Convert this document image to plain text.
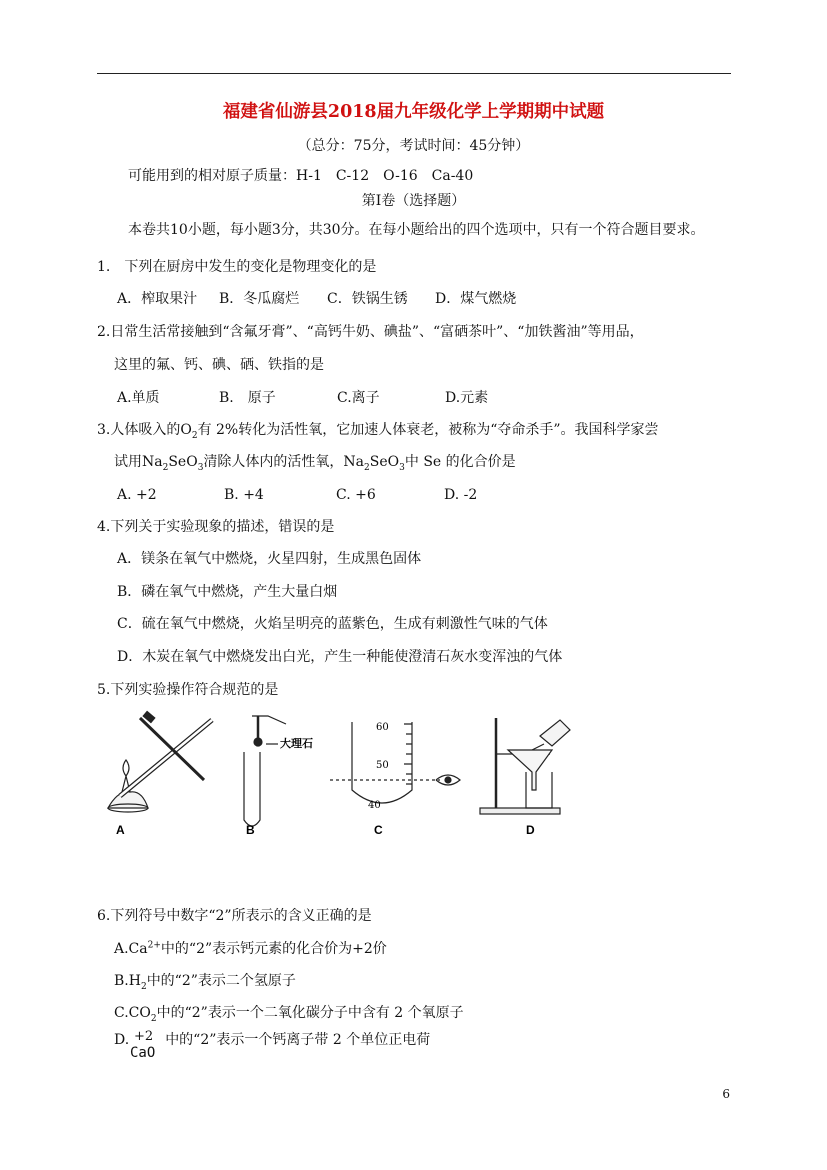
福建省仙游县2018届九年级化学上学期期中试题
（总分：75分，考试时间：45分钟）
可能用到的相对原子质量：H-1　C-12　O-16　Ca-40
第Ⅰ卷（选择题）
本卷共10小题，每小题3分，共30分。在每小题给出的四个选项中，只有一个符合题目要求。
1.　下列在厨房中发生的变化是物理变化的是
A．榨取果汁 B．冬瓜腐烂 C．铁锅生锈 D．煤气燃烧
2.日常生活常接触到“含氟牙膏”、“高钙牛奶、碘盐”、“富硒茶叶”、“加铁酱油”等用品，
这里的氟、钙、碘、硒、铁指的是
A.单质	B.　原子	C.离子	D.元素
3.人体吸入的$O_2$有 2%转化为活性氧，它加速人体衰老，被称为“夺命杀手”。我国科学家尝
试用$Na_2SeO_3$清除人体内的活性氧，$Na_2SeO_3$中 Se 的化合价是
A. +2	B. +4	C. +6	D. -2
4.下列关于实验现象的描述，错误的是
A．镁条在氧气中燃烧，火星四射，生成黑色固体
B．磷在氧气中燃烧，产生大量白烟
C．硫在氧气中燃烧，火焰呈明亮的蓝紫色，生成有刺激性气味的气体
D．木炭在氧气中燃烧发出白光，产生一种能使澄清石灰水变浑浊的气体
5.下列实验操作符合规范的是
A
大理石
B
60
50
40
C	D
6.下列符号中数字“2”所表示的含义正确的是
$A.Ca^{2+}$中的“2”表示钙元素的化合价为+2价
$B.H_2$中的“2”表示二个氢原子
$C.CO_2$中的“2”表示一个二氧化碳分子中含有 2 个氧原子
D.	中的“2”表示一个钙离子带 2 个单位正电荷
+2
CaO
6
